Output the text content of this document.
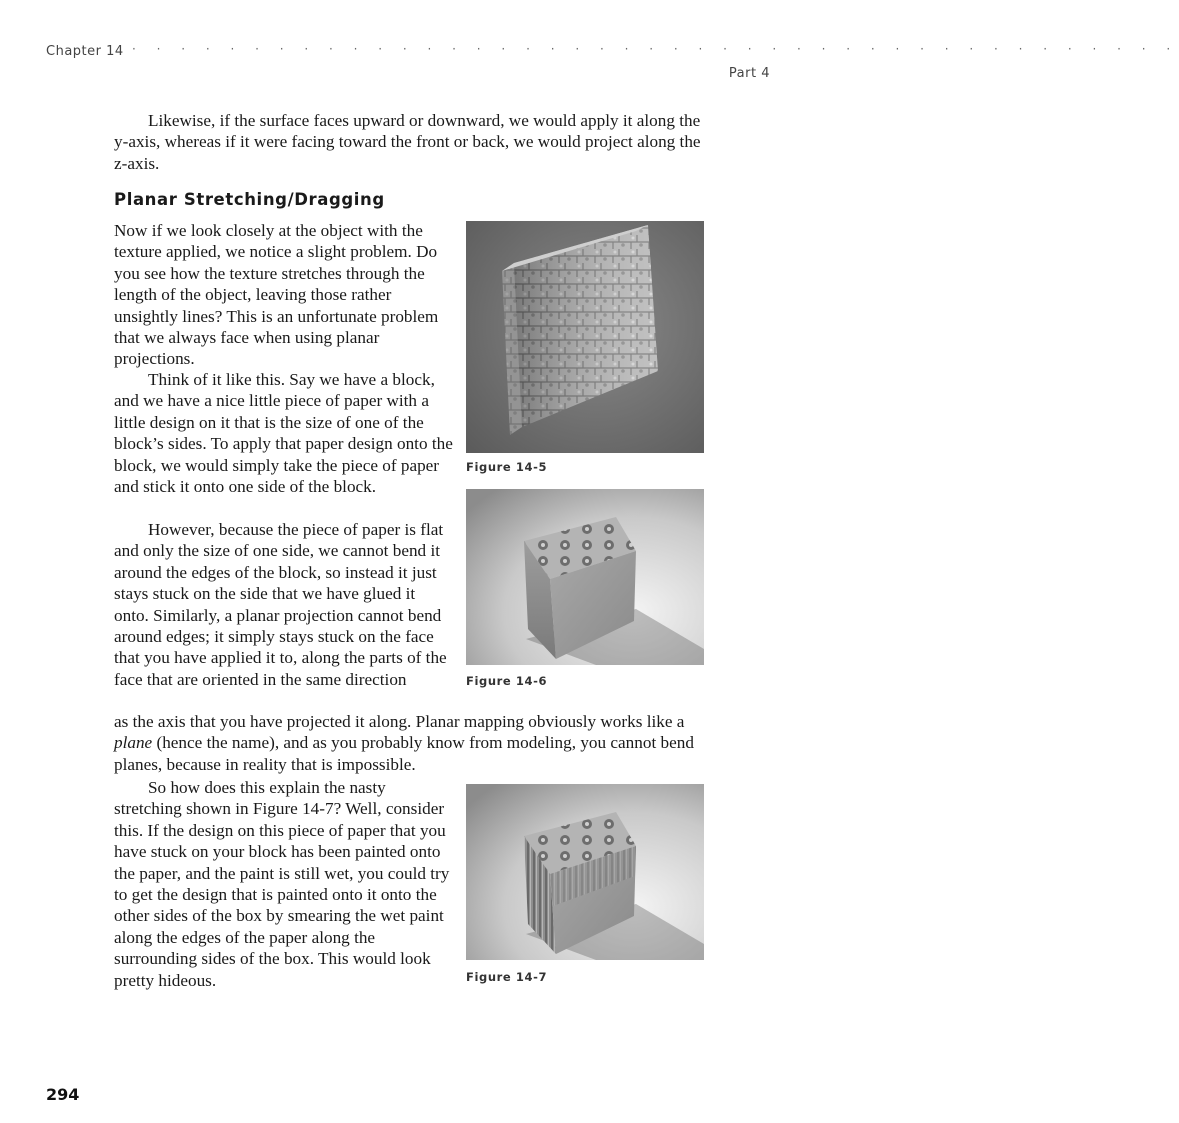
Chapter 14 · · · · · · · · · · · · · · · · · · · · · · · · · · · · · · · · · · · · · · · · · · ·
Part 4

Likewise, if the surface faces upward or downward, we would apply it along the y-axis, whereas if it were facing toward the front or back, we would project along the z-axis.

Planar Stretching/Dragging

Now if we look closely at the object with the texture applied, we notice a slight problem. Do you see how the texture stretches through the length of the object, leaving those rather unsightly lines? This is an unfortunate problem that we always face when using planar projections.

Think of it like this. Say we have a block, and we have a nice little piece of paper with a little design on it that is the size of one of the block’s sides. To apply that paper design onto the block, we would simply take the piece of paper and stick it onto one side of the block.

However, because the piece of paper is flat and only the size of one side, we cannot bend it around the edges of the block, so instead it just stays stuck on the side that we have glued it onto. Similarly, a planar projection cannot bend around edges; it simply stays stuck on the face that you have applied it to, along the parts of the face that are oriented in the same direction

as the axis that you have projected it along. Planar mapping obviously works like a plane (hence the name), and as you probably know from modeling, you cannot bend planes, because in reality that is impossible.

So how does this explain the nasty stretching shown in Figure 14-7? Well, consider this. If the design on this piece of paper that you have stuck on your block has been painted onto the paper, and the paint is still wet, you could try to get the design that is painted onto it onto the other sides of the box by smearing the wet paint along the edges of the paper along the surrounding sides of the box. This would look pretty hideous.

Figure 14-5
Figure 14-6
Figure 14-7
294
